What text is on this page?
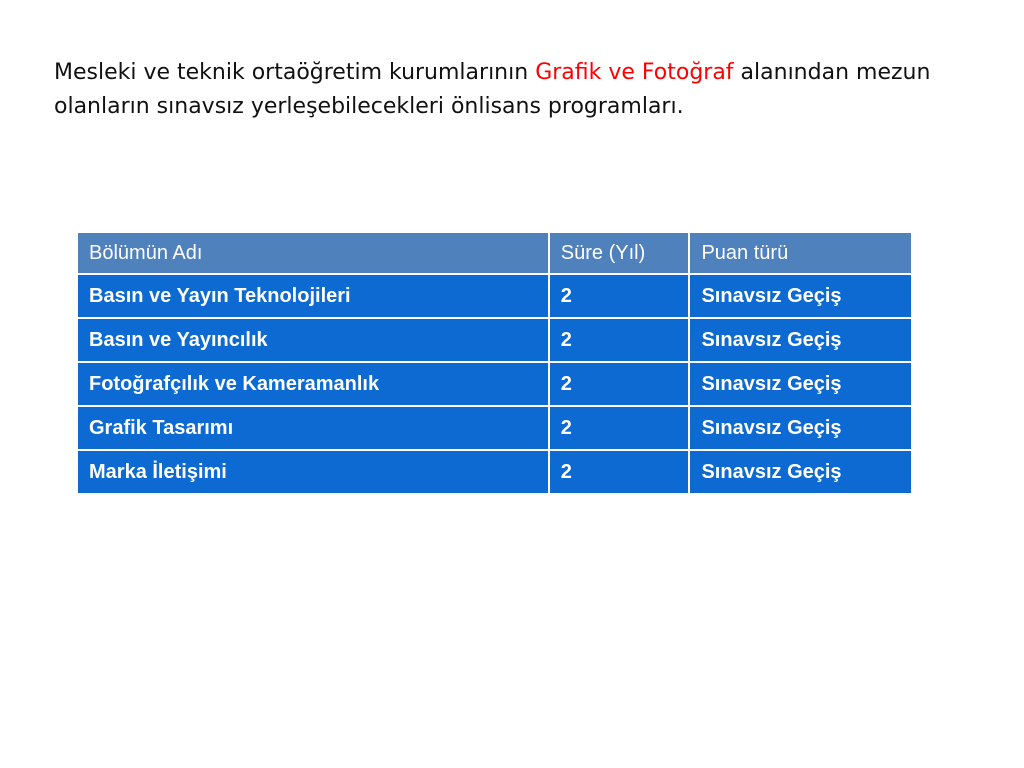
Mesleki ve teknik ortaöğretim kurumlarının Grafik ve Fotoğraf alanından mezun olanların sınavsız yerleşebilecekleri önlisans programları.

Bölümün Adı	Süre (Yıl)	Puan türü
Basın ve Yayın Teknolojileri	2	Sınavsız Geçiş
Basın ve Yayıncılık	2	Sınavsız Geçiş
Fotoğrafçılık ve Kameramanlık	2	Sınavsız Geçiş
Grafik Tasarımı	2	Sınavsız Geçiş
Marka İletişimi	2	Sınavsız Geçiş
